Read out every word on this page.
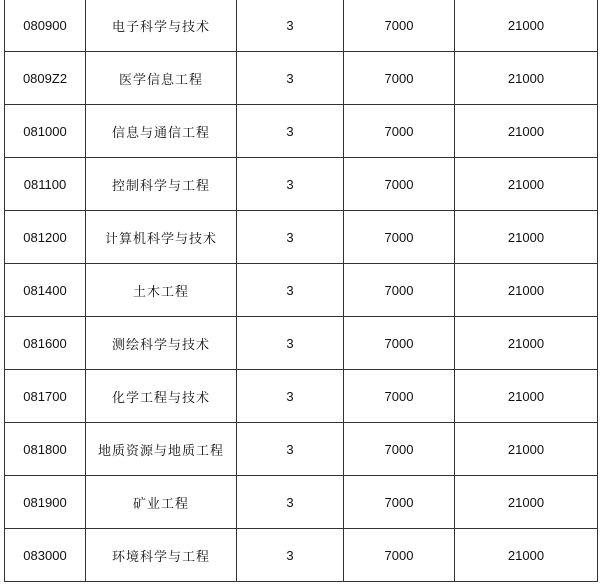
080900	电子科学与技术	3	7000	21000
0809Z2	医学信息工程	3	7000	21000
081000	信息与通信工程	3	7000	21000
081100	控制科学与工程	3	7000	21000
081200	计算机科学与技术	3	7000	21000
081400	土木工程	3	7000	21000
081600	测绘科学与技术	3	7000	21000
081700	化学工程与技术	3	7000	21000
081800	地质资源与地质工程	3	7000	21000
081900	矿业工程	3	7000	21000
083000	环境科学与工程	3	7000	21000
